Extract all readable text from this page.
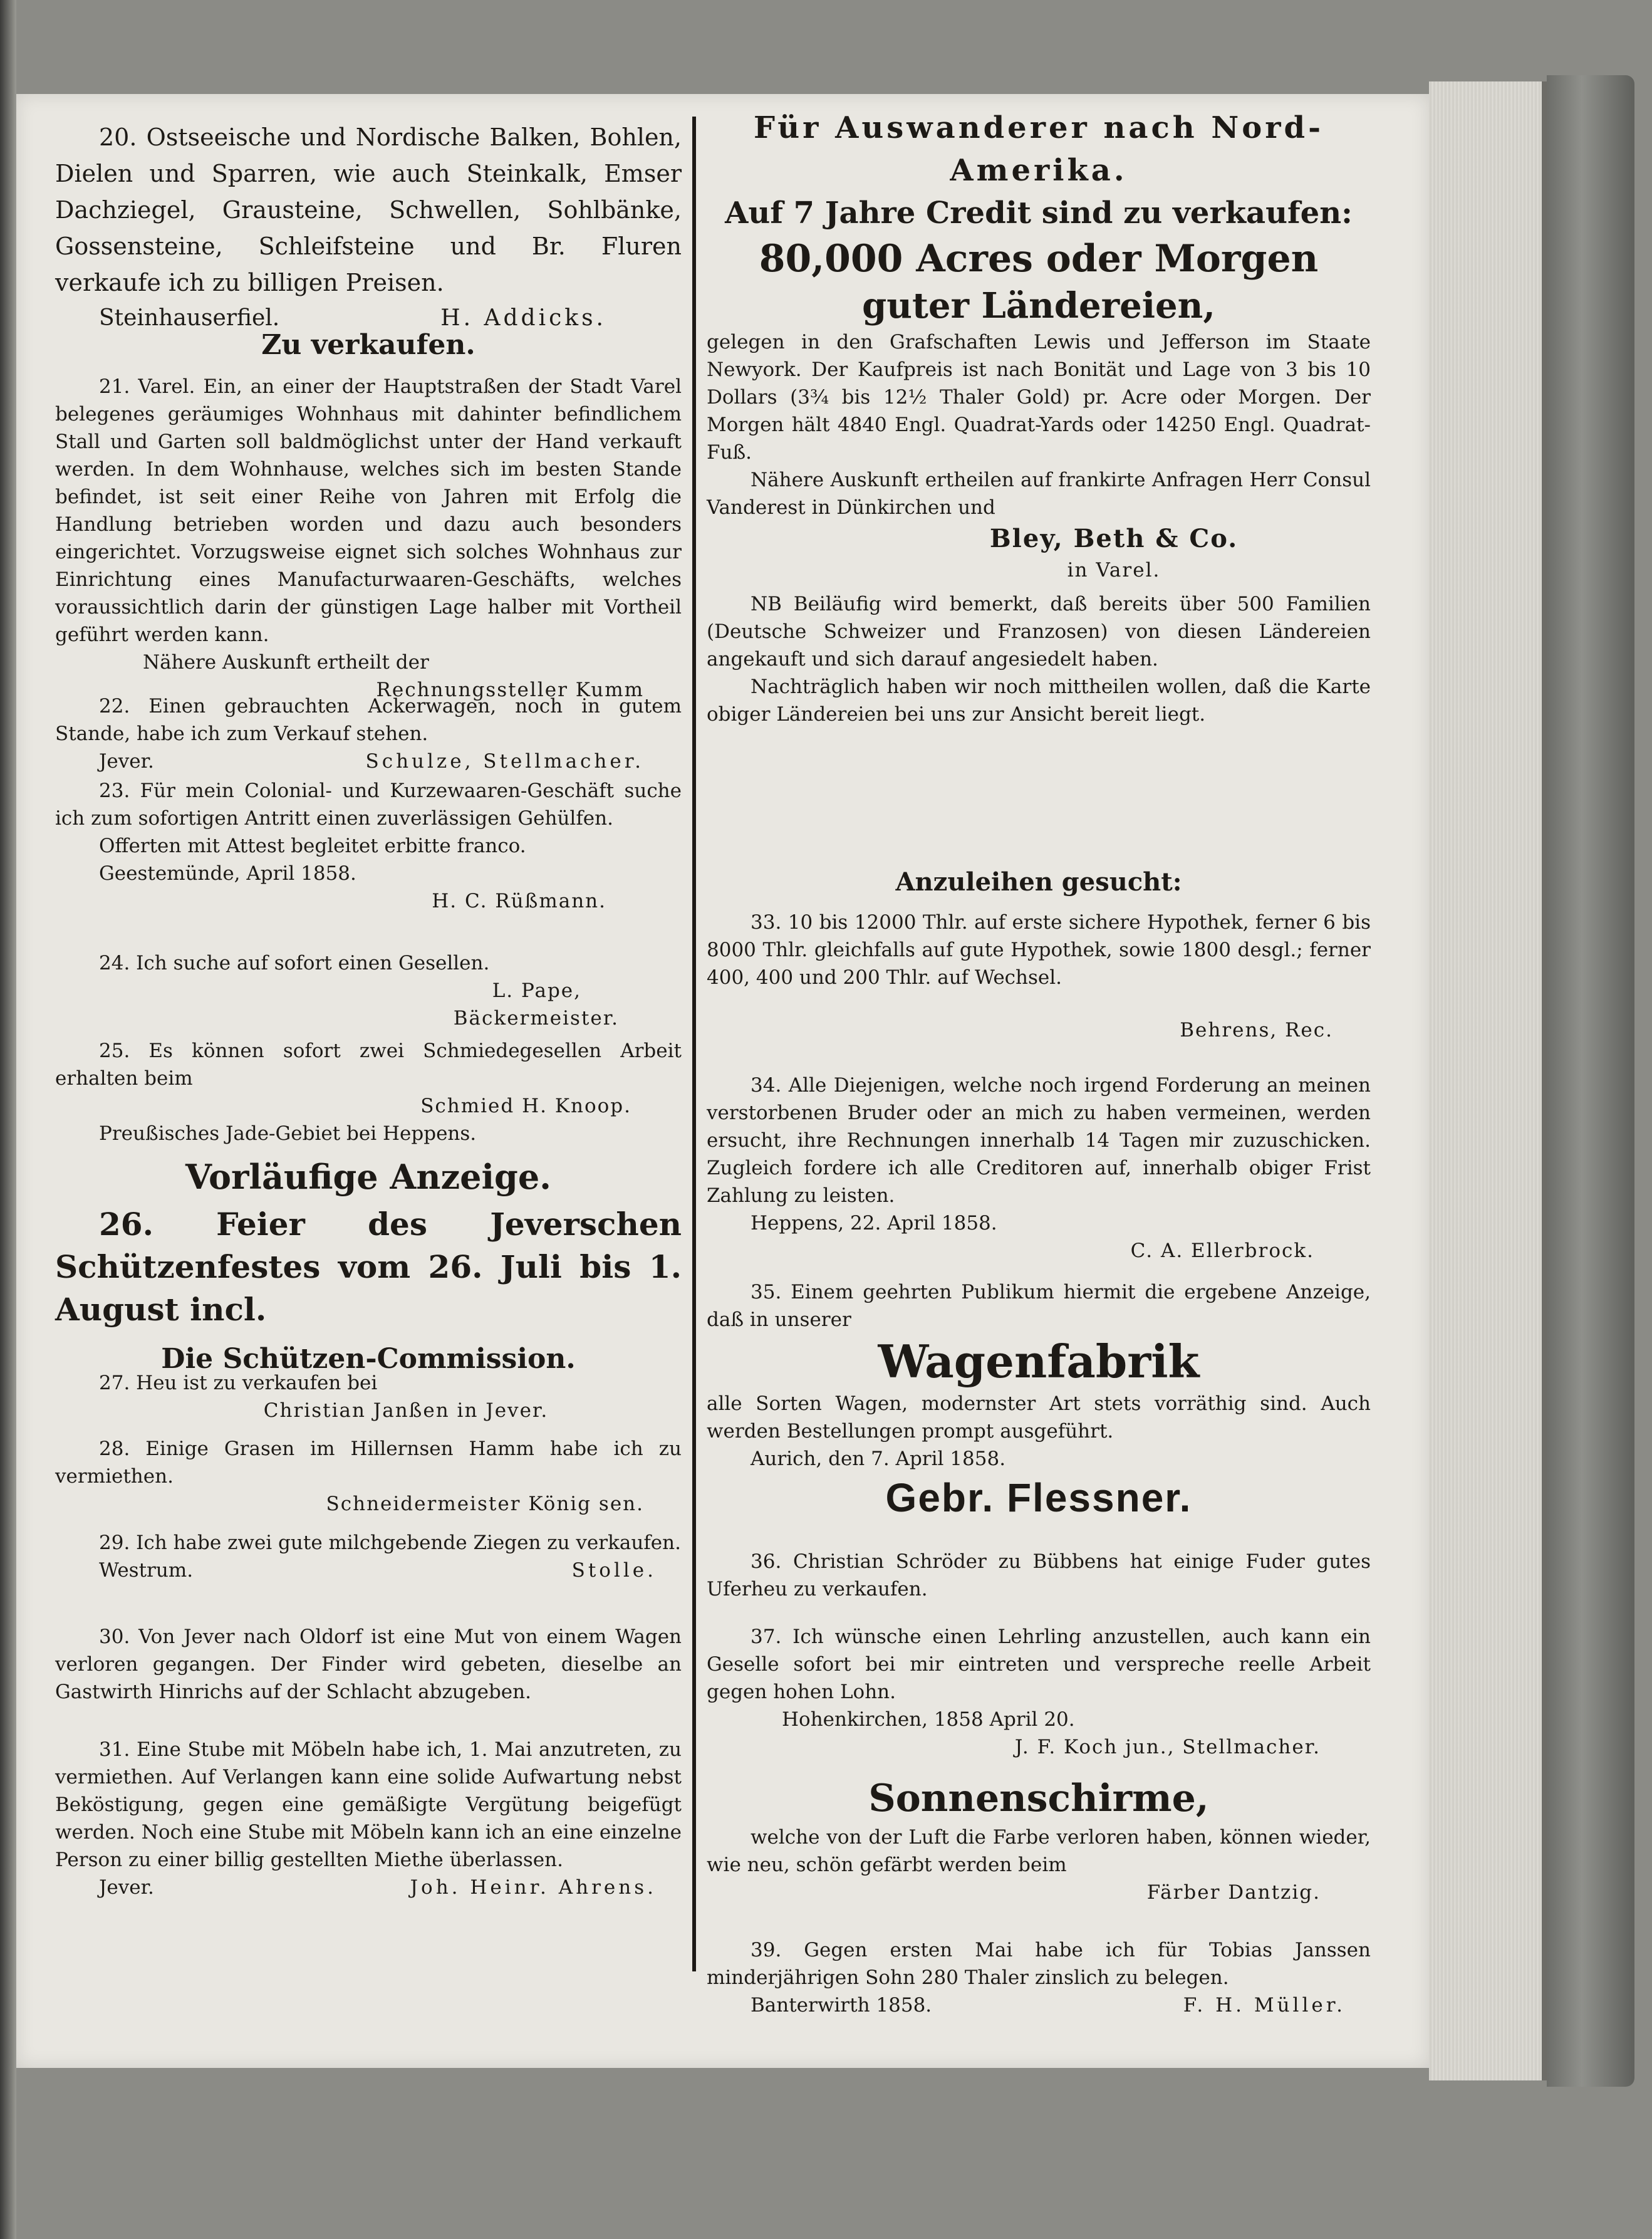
20. Ostseeische und Nordische Balken, Bohlen, Dielen und Sparren, wie auch Steinkalk, Emser Dachziegel, Grausteine, Schwellen, Sohlbänke, Gossensteine, Schleifsteine und Br. Fluren verkaufe ich zu billigen Preisen.

Steinhauserfiel.	H. Addicks.

Zu verkaufen.

21. Varel. Ein, an einer der Hauptstraßen der Stadt Varel belegenes geräumiges Wohnhaus mit dahinter befindlichem Stall und Garten soll baldmöglichst unter der Hand verkauft werden. In dem Wohnhause, welches sich im besten Stande befindet, ist seit einer Reihe von Jahren mit Erfolg die Handlung betrieben worden und dazu auch besonders eingerichtet. Vorzugsweise eignet sich solches Wohnhaus zur Einrichtung eines Manufacturwaaren-Geschäfts, welches voraussichtlich darin der günstigen Lage halber mit Vortheil geführt werden kann.

Nähere Auskunft ertheilt der

Rechnungssteller Kumm

22. Einen gebrauchten Ackerwagen, noch in gutem Stande, habe ich zum Verkauf stehen.

Jever.	Schulze, Stellmacher.

23. Für mein Colonial- und Kurzewaaren-Geschäft suche ich zum sofortigen Antritt einen zuverlässigen Gehülfen.

Offerten mit Attest begleitet erbitte franco.

Geestemünde, April 1858.

H. C. Rüßmann.

24. Ich suche auf sofort einen Gesellen.

L. Pape,

Bäckermeister.

25. Es können sofort zwei Schmiedegesellen Arbeit erhalten beim

Schmied H. Knoop.

Preußisches Jade-Gebiet bei Heppens.

Vorläufige Anzeige.

26. Feier des Jeverschen Schützenfestes vom 26. Juli bis 1. August incl.

Die Schützen-Commission.

27. Heu ist zu verkaufen bei

Christian Janßen in Jever.

28. Einige Grasen im Hillernsen Hamm habe ich zu vermiethen.

Schneidermeister König sen.

29. Ich habe zwei gute milchgebende Ziegen zu verkaufen.

Westrum.	Stolle.

30. Von Jever nach Oldorf ist eine Mut von einem Wagen verloren gegangen. Der Finder wird gebeten, dieselbe an Gastwirth Hinrichs auf der Schlacht abzugeben.

31. Eine Stube mit Möbeln habe ich, 1. Mai anzutreten, zu vermiethen. Auf Verlangen kann eine solide Aufwartung nebst Beköstigung, gegen eine gemäßigte Vergütung beigefügt werden. Noch eine Stube mit Möbeln kann ich an eine einzelne Person zu einer billig gestellten Miethe überlassen.

Jever.	Joh. Heinr. Ahrens.

Für Auswanderer nach Nord-Amerika.

Auf 7 Jahre Credit sind zu verkaufen:

80,000 Acres oder Morgen

guter Ländereien,

gelegen in den Grafschaften Lewis und Jefferson im Staate Newyork. Der Kaufpreis ist nach Bonität und Lage von 3 bis 10 Dollars (3¾ bis 12½ Thaler Gold) pr. Acre oder Morgen. Der Morgen hält 4840 Engl. Quadrat-Yards oder 14250 Engl. Quadrat-Fuß.

Nähere Auskunft ertheilen auf frankirte Anfragen Herr Consul Vanderest in Dünkirchen und

Bley, Beth & Co.

in Varel.

NB Beiläufig wird bemerkt, daß bereits über 500 Familien (Deutsche Schweizer und Franzosen) von diesen Ländereien angekauft und sich darauf angesiedelt haben.

Nachträglich haben wir noch mittheilen wollen, daß die Karte obiger Ländereien bei uns zur Ansicht bereit liegt.

Anzuleihen gesucht:

33. 10 bis 12000 Thlr. auf erste sichere Hypothek, ferner 6 bis 8000 Thlr. gleichfalls auf gute Hypothek, sowie 1800 desgl.; ferner 400, 400 und 200 Thlr. auf Wechsel.

Behrens, Rec.

34. Alle Diejenigen, welche noch irgend Forderung an meinen verstorbenen Bruder oder an mich zu haben vermeinen, werden ersucht, ihre Rechnungen innerhalb 14 Tagen mir zuzuschicken. Zugleich fordere ich alle Creditoren auf, innerhalb obiger Frist Zahlung zu leisten.

Heppens, 22. April 1858.

C. A. Ellerbrock.

35. Einem geehrten Publikum hiermit die ergebene Anzeige, daß in unserer

Wagenfabrik

alle Sorten Wagen, modernster Art stets vorräthig sind. Auch werden Bestellungen prompt ausgeführt.

Aurich, den 7. April 1858.

Gebr. Flessner.

36. Christian Schröder zu Bübbens hat einige Fuder gutes Uferheu zu verkaufen.

37. Ich wünsche einen Lehrling anzustellen, auch kann ein Geselle sofort bei mir eintreten und verspreche reelle Arbeit gegen hohen Lohn.

Hohenkirchen, 1858 April 20.

J. F. Koch jun., Stellmacher.

Sonnenschirme,

welche von der Luft die Farbe verloren haben, können wieder, wie neu, schön gefärbt werden beim

Färber Dantzig.

39. Gegen ersten Mai habe ich für Tobias Janssen minderjährigen Sohn 280 Thaler zinslich zu belegen.

Banterwirth 1858.	F. H. Müller.
